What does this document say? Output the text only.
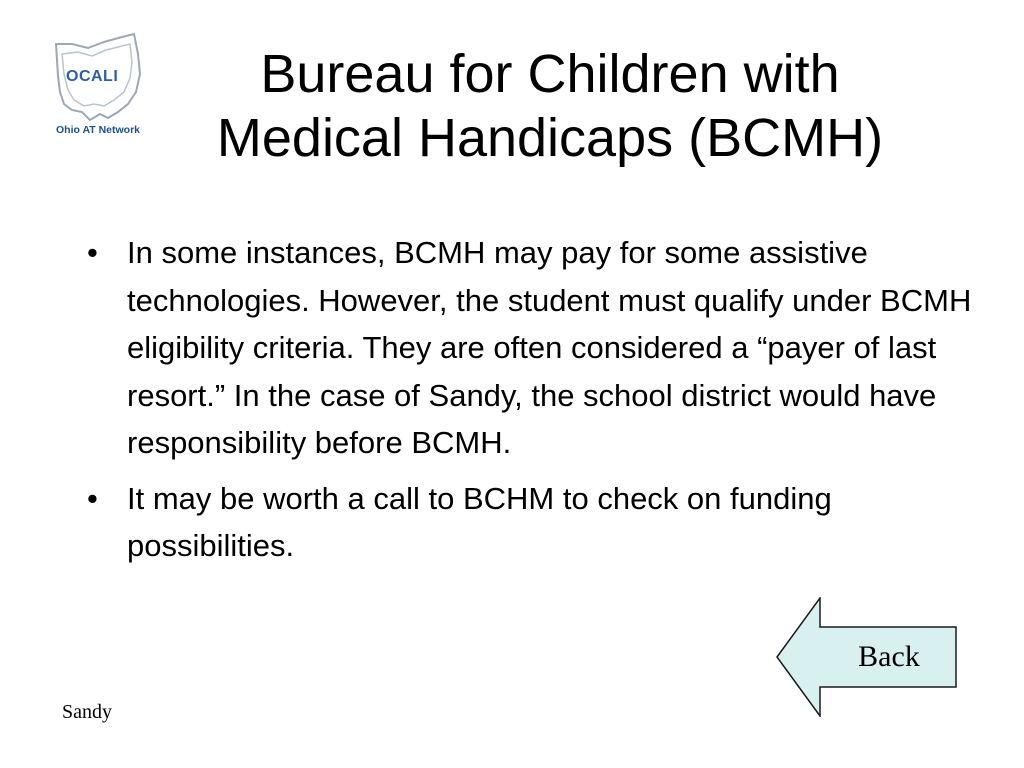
OCALI
Ohio AT Network
Bureau for Children with
Medical Handicaps (BCMH)
• In some instances, BCMH may pay for some assistive technologies. However, the student must qualify under BCMH eligibility criteria. They are often considered a “payer of last resort.” In the case of Sandy, the school district would have responsibility before BCMH.
• It may be worth a call to BCHM to check on funding possibilities.
Back
Sandy
